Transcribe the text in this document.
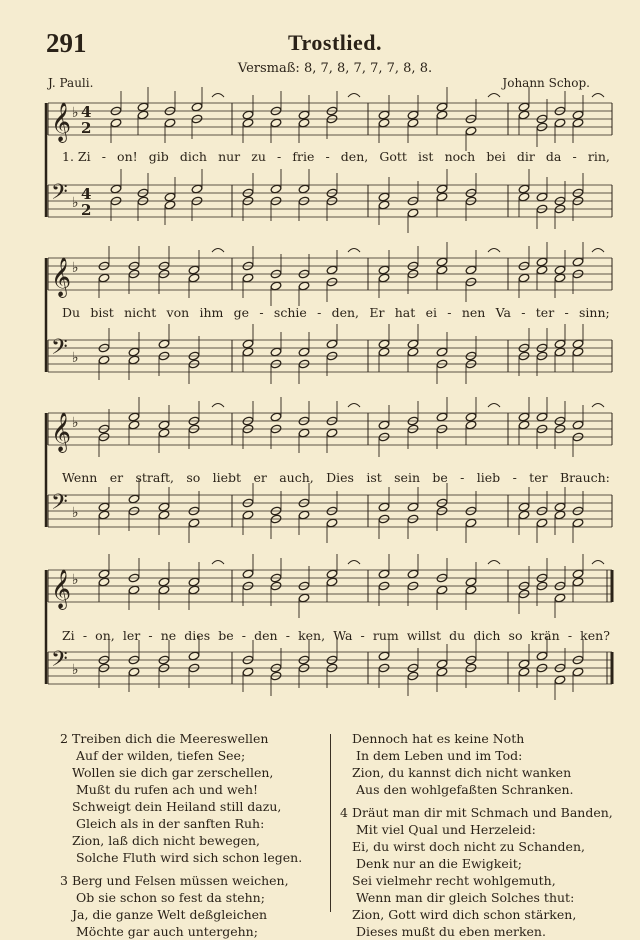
291	Trostlied.
Versmaß: 8, 7, 8, 7, 7, 7, 8, 8.
J. Pauli.	Johann Schop.
𝄞 ♭ 4
2
𝄢 ♭ 4
2
𝄞 ♭
𝄢 ♭
𝄞 ♭
𝄢 ♭
𝄞 ♭
𝄢 ♭
1. Zi - on! gib dich nur zu - frie - den, Gott ist noch bei dir da - rin,
Du bist nicht von ihm ge - schie - den, Er hat ei - nen Va - ter - sinn;
Wenn er straft, so liebt er auch, Dies ist sein be - lieb - ter Brauch:
Zi - on, ler - ne dies be - den - ken, Wa - rum willst du dich so krän - ken?
2 Treiben dich die Meereswellen
Auf der wilden, tiefen See;
Wollen sie dich gar zerschellen,
Mußt du rufen ach und weh!
Schweigt dein Heiland still dazu,
Gleich als in der sanften Ruh:
Zion, laß dich nicht bewegen,
Solche Fluth wird sich schon legen.
3 Berg und Felsen müssen weichen,
Ob sie schon so fest da stehn;
Ja, die ganze Welt deßgleichen
Möchte gar auch untergehn;
Dennoch hat es keine Noth
In dem Leben und im Tod:
Zion, du kannst dich nicht wanken
Aus den wohlgefaßten Schranken.
4 Dräut man dir mit Schmach und Banden,
Mit viel Qual und Herzeleid:
Ei, du wirst doch nicht zu Schanden,
Denk nur an die Ewigkeit;
Sei vielmehr recht wohlgemuth,
Wenn man dir gleich Solches thut:
Zion, Gott wird dich schon stärken,
Dieses mußt du eben merken.
